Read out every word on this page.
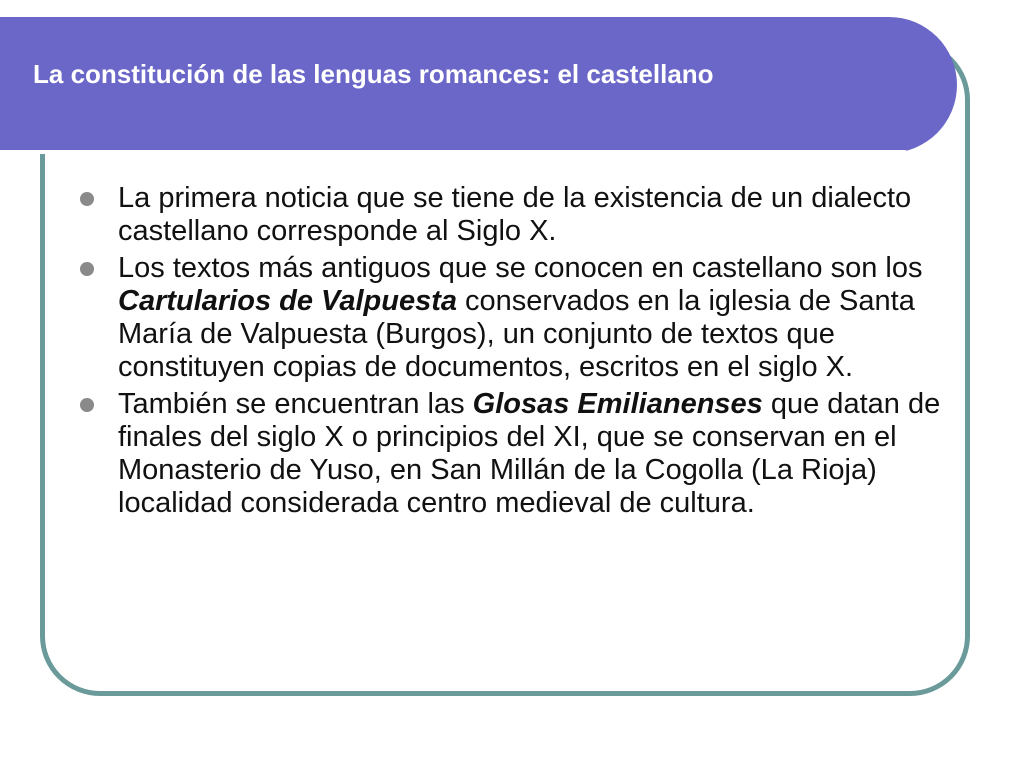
La constitución de las lenguas romances: el castellano
La primera noticia que se tiene de la existencia de un dialecto castellano corresponde al Siglo X.
Los textos más antiguos que se conocen en castellano son los Cartularios de Valpuesta conservados en la iglesia de Santa María de Valpuesta (Burgos), un conjunto de textos que constituyen copias de documentos, escritos en el siglo X.
También se encuentran las Glosas Emilianenses que datan de finales del siglo X o principios del XI, que se conservan en el Monasterio de Yuso, en San Millán de la Cogolla (La Rioja) localidad considerada centro medieval de cultura.
